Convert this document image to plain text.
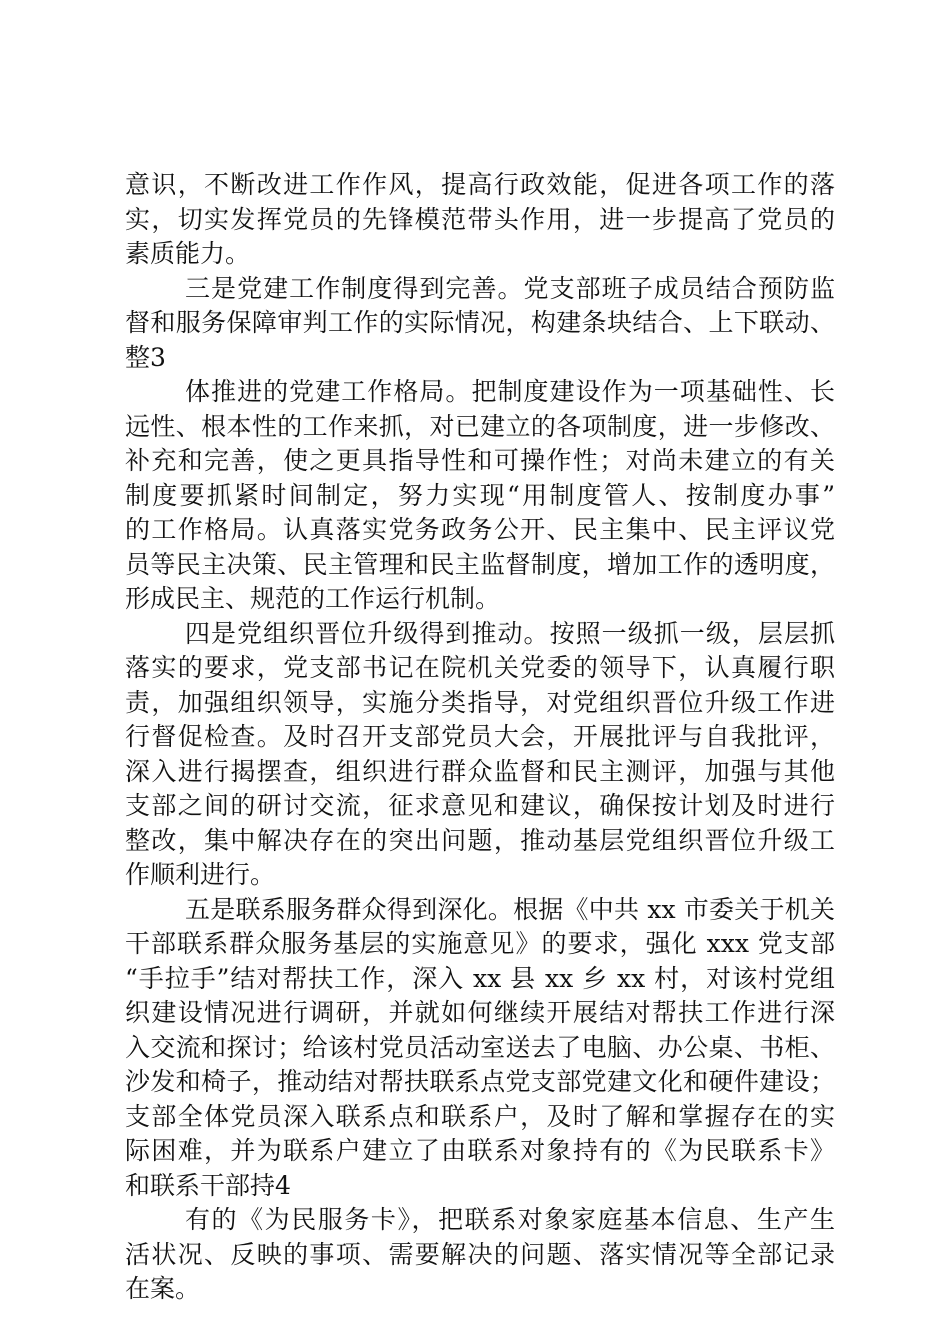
意识，不断改进工作作风，提高行政效能，促进各项工作的落
实，切实发挥党员的先锋模范带头作用，进一步提高了党员的
素质能力。
三是党建工作制度得到完善。党支部班子成员结合预防监
督和服务保障审判工作的实际情况，构建条块结合、上下联动、
整3
体推进的党建工作格局。把制度建设作为一项基础性、长
远性、根本性的工作来抓，对已建立的各项制度，进一步修改、
补充和完善，使之更具指导性和可操作性；对尚未建立的有关
制度要抓紧时间制定，努力实现“用制度管人、按制度办事”
的工作格局。认真落实党务政务公开、民主集中、民主评议党
员等民主决策、民主管理和民主监督制度，增加工作的透明度，
形成民主、规范的工作运行机制。
四是党组织晋位升级得到推动。按照一级抓一级，层层抓
落实的要求，党支部书记在院机关党委的领导下，认真履行职
责，加强组织领导，实施分类指导，对党组织晋位升级工作进
行督促检查。及时召开支部党员大会，开展批评与自我批评，
深入进行揭摆查，组织进行群众监督和民主测评，加强与其他
支部之间的研讨交流，征求意见和建议，确保按计划及时进行
整改，集中解决存在的突出问题，推动基层党组织晋位升级工
作顺利进行。
五是联系服务群众得到深化。根据《中共 xx 市委关于机关
干部联系群众服务基层的实施意见》的要求，强化 xxx 党支部
“手拉手”结对帮扶工作，深入 xx 县 xx 乡 xx 村，对该村党组
织建设情况进行调研，并就如何继续开展结对帮扶工作进行深
入交流和探讨；给该村党员活动室送去了电脑、办公桌、书柜、
沙发和椅子，推动结对帮扶联系点党支部党建文化和硬件建设；
支部全体党员深入联系点和联系户，及时了解和掌握存在的实
际困难，并为联系户建立了由联系对象持有的《为民联系卡》
和联系干部持4
有的《为民服务卡》，把联系对象家庭基本信息、生产生
活状况、反映的事项、需要解决的问题、落实情况等全部记录
在案。
